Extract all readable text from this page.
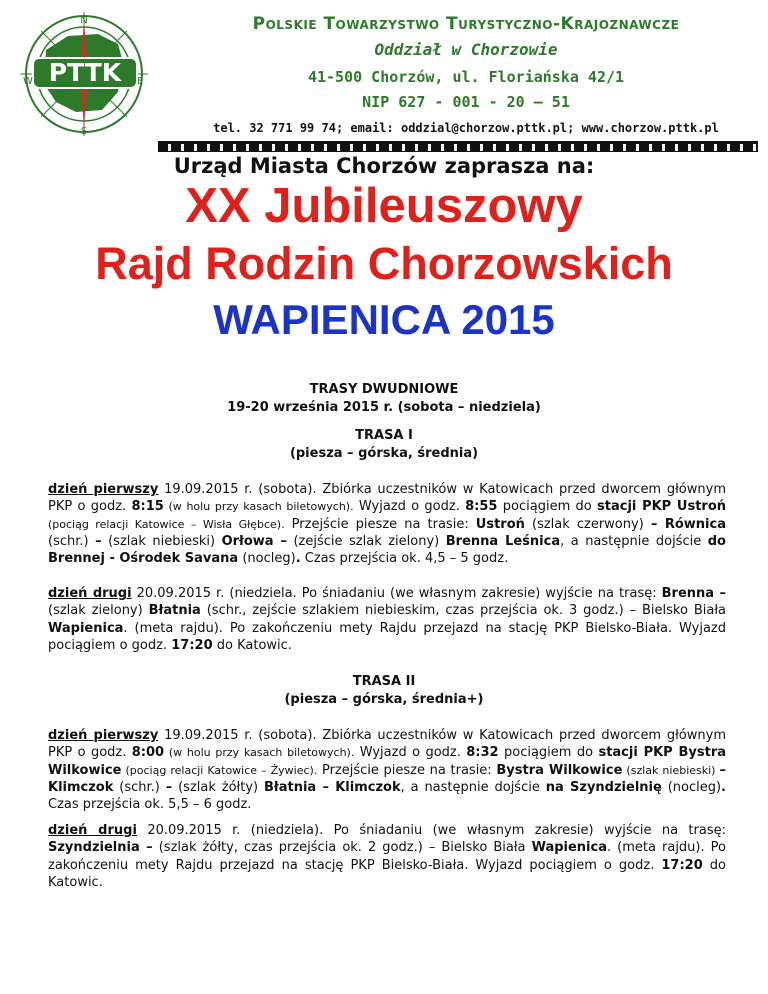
PTTK
N
W	E
S
Polskie Towarzystwo Turystyczno-Krajoznawcze
Oddział w Chorzowie
41-500 Chorzów, ul. Floriańska 42/1
NIP 627 - 001 - 20 – 51
tel. 32 771 99 74; email: oddzial@chorzow.pttk.pl; www.chorzow.pttk.pl
Urząd Miasta Chorzów zaprasza na:
XX Jubileuszowy
Rajd Rodzin Chorzowskich
WAPIENICA 2015
TRASY DWUDNIOWE
19-20 września 2015 r. (sobota – niedziela)
TRASA I
(piesza – górska, średnia)
dzień pierwszy 19.09.2015 r. (sobota). Zbiórka uczestników w Katowicach przed dworcem głównym PKP o godz. 8:15 (w holu przy kasach biletowych). Wyjazd o godz. 8:55 pociągiem do stacji PKP Ustroń (pociąg relacji Katowice – Wisła Głębce). Przejście piesze na trasie: Ustroń (szlak czerwony) – Równica (schr.) – (szlak niebieski) Orłowa – (zejście szlak zielony) Brenna Leśnica, a następnie dojście do Brennej - Ośrodek Savana (nocleg). Czas przejścia ok. 4,5 – 5 godz.
dzień drugi 20.09.2015 r. (niedziela. Po śniadaniu (we własnym zakresie) wyjście na trasę: Brenna – (szlak zielony) Błatnia (schr., zejście szlakiem niebieskim, czas przejścia ok. 3 godz.) – Bielsko Biała Wapienica. (meta rajdu). Po zakończeniu mety Rajdu przejazd na stację PKP Bielsko-Biała. Wyjazd pociągiem o godz. 17:20 do Katowic.
TRASA II
(piesza – górska, średnia+)
dzień pierwszy 19.09.2015 r. (sobota). Zbiórka uczestników w Katowicach przed dworcem głównym PKP o godz. 8:00 (w holu przy kasach biletowych). Wyjazd o godz. 8:32 pociągiem do stacji PKP Bystra Wilkowice (pociąg relacji Katowice – Żywiec). Przejście piesze na trasie: Bystra Wilkowice (szlak niebieski) – Klimczok (schr.) – (szlak żółty) Błatnia – Klimczok, a następnie dojście na Szyndzielnię (nocleg). Czas przejścia ok. 5,5 – 6 godz.
dzień drugi 20.09.2015 r. (niedziela). Po śniadaniu (we własnym zakresie) wyjście na trasę: Szyndzielnia – (szlak żółty, czas przejścia ok. 2 godz.) – Bielsko Biała Wapienica. (meta rajdu). Po zakończeniu mety Rajdu przejazd na stację PKP Bielsko-Biała. Wyjazd pociągiem o godz. 17:20 do Katowic.
